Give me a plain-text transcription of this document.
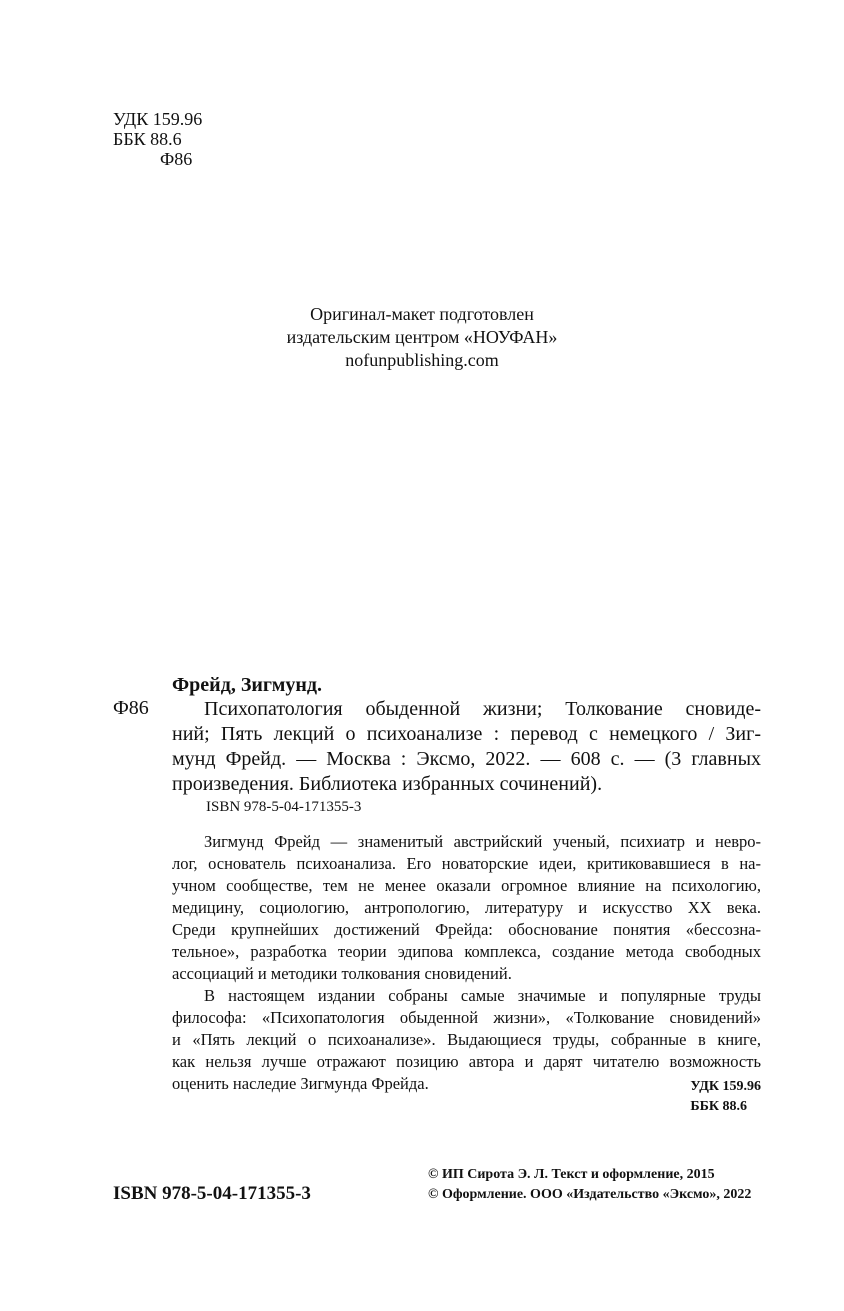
УДК 159.96
ББК 88.6
Ф86
Оригинал-макет подготовлен
издательским центром «НОУФАН»
nofunpublishing.com
Фрейд, Зигмунд.
Ф86	Психопатология обыденной жизни; Толкование сновиде-
ний; Пять лекций о психоанализе : перевод с немецкого / Зиг-
мунд Фрейд. — Москва : Эксмо, 2022. — 608 с. — (3 главных
произведения. Библиотека избранных сочинений).
ISBN 978-5-04-171355-3
Зигмунд Фрейд — знаменитый австрийский ученый, психиатр и невро-
лог, основатель психоанализа. Его новаторские идеи, критиковавшиеся в на-
учном сообществе, тем не менее оказали огромное влияние на психологию,
медицину, социологию, антропологию, литературу и искусство XX века.
Среди крупнейших достижений Фрейда: обоснование понятия «бессозна-
тельное», разработка теории эдипова комплекса, создание метода свободных
ассоциаций и методики толкования сновидений.
В настоящем издании собраны самые значимые и популярные труды
философа: «Психопатология обыденной жизни», «Толкование сновидений»
и «Пять лекций о психоанализе». Выдающиеся труды, собранные в книге,
как нельзя лучше отражают позицию автора и дарят читателю возможность
оценить наследие Зигмунда Фрейда.	УДК 159.96
ББК 88.6
ISBN 978-5-04-171355-3
© ИП Сирота Э. Л. Текст и оформление, 2015
© Оформление. ООО «Издательство «Эксмо», 2022
